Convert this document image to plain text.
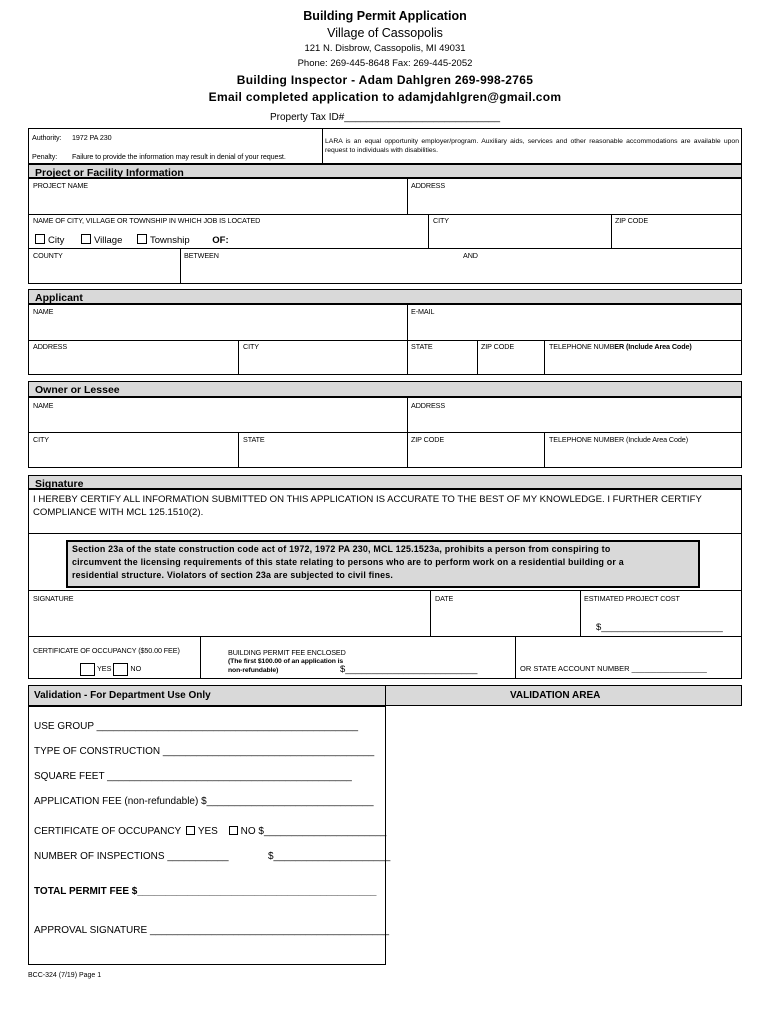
Building Permit Application
Village of Cassopolis
121 N. Disbrow, Cassopolis, MI 49031
Phone: 269-445-8648 Fax: 269-445-2052
Building Inspector - Adam Dahlgren 269-998-2765
Email completed application to adamjdahlgren@gmail.com
Property Tax ID#____________________________
Authority: 1972 PA 230
Penalty: Failure to provide the information may result in denial of your request.
LARA is an equal opportunity employer/program. Auxiliary aids, services and other reasonable accommodations are available upon request to individuals with disabilities.
Project or Facility Information
PROJECT NAME	ADDRESS
NAME OF CITY, VILLAGE OR TOWNSHIP IN WHICH JOB IS LOCATED	CITY	ZIP CODE
City	Village	Township OF:
COUNTY	BETWEEN	AND
Applicant
NAME	E-MAIL
ADDRESS	CITY	STATE	ZIP CODE	TELEPHONE NUMBER (Include Area Code)
Owner or Lessee
NAME	ADDRESS
CITY	STATE	ZIP CODE	TELEPHONE NUMBER (Include Area Code)
Signature
I HEREBY CERTIFY ALL INFORMATION SUBMITTED ON THIS APPLICATION IS ACCURATE TO THE BEST OF MY KNOWLEDGE. I FURTHER CERTIFY COMPLIANCE WITH MCL 125.1510(2).
Section 23a of the state construction code act of 1972, 1972 PA 230, MCL 125.1523a, prohibits a person from conspiring to
circumvent the licensing requirements of this state relating to persons who are to perform work on a residential building or a
residential structure. Violators of section 23a are subjected to civil fines.
SIGNATURE	DATE	ESTIMATED PROJECT COST
$_______________________
CERTIFICATE OF OCCUPANCY ($50.00 FEE)
YES	NO
BUILDING PERMIT FEE ENCLOSED
(The first $100.00 of an application is
non-refundable)	$_________________________	OR STATE ACCOUNT NUMBER __________________
Validation - For Department Use Only	VALIDATION AREA
USE GROUP _______________________________________________
TYPE OF CONSTRUCTION ______________________________________
SQUARE FEET ____________________________________________
APPLICATION FEE (non-refundable) $______________________________
CERTIFICATE OF OCCUPANCY YES NO $______________________
NUMBER OF INSPECTIONS ___________	$_____________________
TOTAL PERMIT FEE $___________________________________________
APPROVAL SIGNATURE ___________________________________________
BCC-324 (7/19) Page 1
